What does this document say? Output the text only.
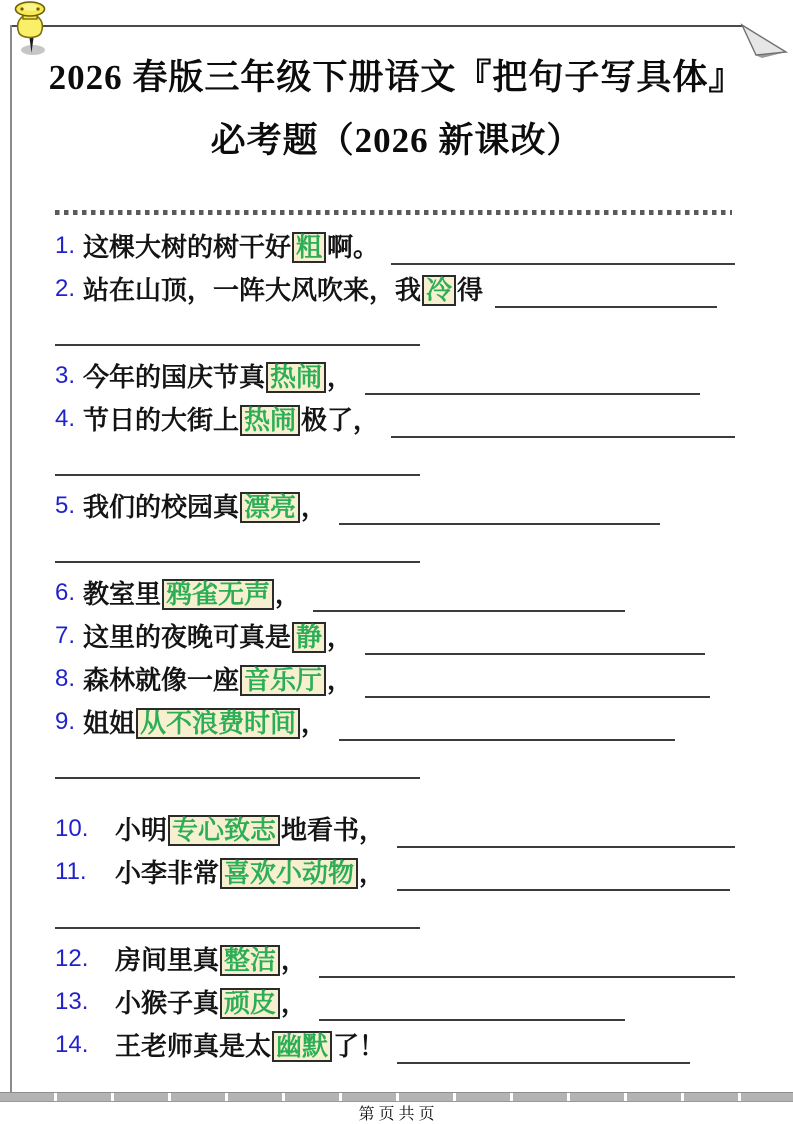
2026 春版三年级下册语文『把句子写具体』
必考题（2026 新课改）
1. 这棵大树的树干好 粗 啊。
2. 站在山顶，一阵大风吹来，我 冷 得
3. 今年的国庆节真 热闹 ，
4. 节日的大街上 热闹 极了，
5. 我们的校园真 漂亮 ，
6. 教室里 鸦雀无声 ，
7. 这里的夜晚可真是 静 ，
8. 森林就像一座 音乐厅 ，
9. 姐姐 从不浪费时间 ，
10.	小明 专心致志 地看书，
11.	小李非常 喜欢小动物 ，
12.	房间里真 整洁 ，
13.	小猴子真 顽皮 ，
14.	王老师真是太 幽默 了！
第 页 共 页
